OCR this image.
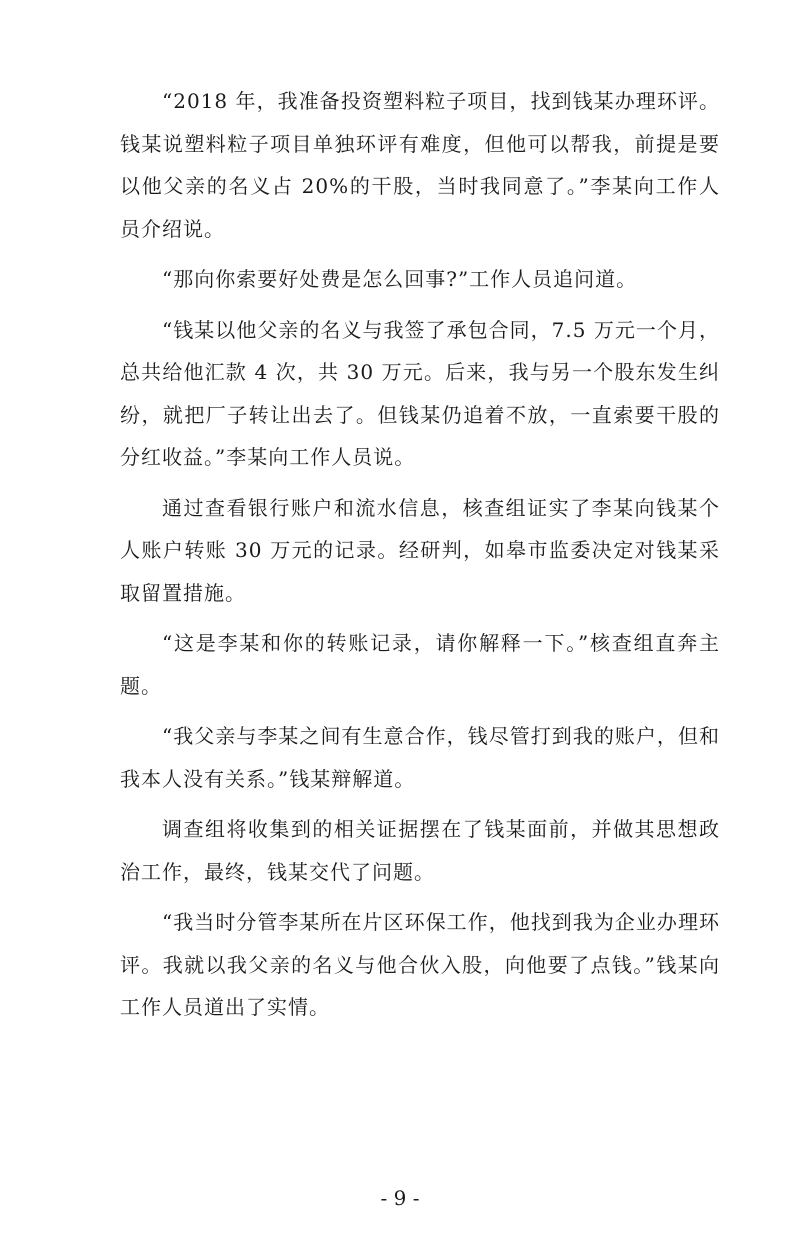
“2018 年，我准备投资塑料粒子项目，找到钱某办理环评。钱某说塑料粒子项目单独环评有难度，但他可以帮我，前提是要以他父亲的名义占 20%的干股，当时我同意了。”李某向工作人员介绍说。

“那向你索要好处费是怎么回事?”工作人员追问道。

“钱某以他父亲的名义与我签了承包合同，7.5 万元一个月，总共给他汇款 4 次，共 30 万元。后来，我与另一个股东发生纠纷，就把厂子转让出去了。但钱某仍追着不放，一直索要干股的分红收益。”李某向工作人员说。

通过查看银行账户和流水信息，核查组证实了李某向钱某个人账户转账 30 万元的记录。经研判，如皋市监委决定对钱某采取留置措施。

“这是李某和你的转账记录，请你解释一下。”核查组直奔主题。

“我父亲与李某之间有生意合作，钱尽管打到我的账户，但和我本人没有关系。”钱某辩解道。

调查组将收集到的相关证据摆在了钱某面前，并做其思想政治工作，最终，钱某交代了问题。

“我当时分管李某所在片区环保工作，他找到我为企业办理环评。我就以我父亲的名义与他合伙入股，向他要了点钱。”钱某向工作人员道出了实情。

- 9 -
